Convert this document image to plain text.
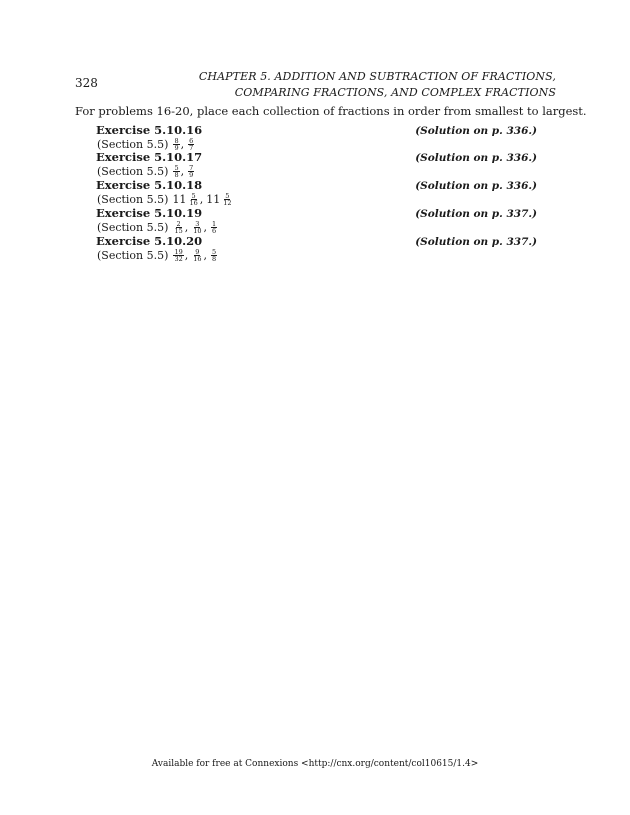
328	CHAPTER 5. ADDITION AND SUBTRACTION OF FRACTIONS,
COMPARING FRACTIONS, AND COMPLEX FRACTIONS
For problems 16-20, place each collection of fractions in order from smallest to largest.
Exercise 5.10.16	(Solution on p. 336.)
(Section $5.5) \frac{8}{9}$ , $\frac{6}{7}$
Exercise 5.10.17	(Solution on p. 336.)
(Section $5.5) \frac{5}{8}$ , $\frac{7}{9}$
Exercise 5.10.18	(Solution on p. 336.)
(Section 5.5) $11 \frac{5}{16}$ , $11 \frac{5}{12}$
Exercise 5.10.19	(Solution on p. 337.)
(Section $5.5) \frac{2}{15}$ , $\frac{3}{10}$ , $\frac{1}{6}$
Exercise 5.10.20	(Solution on p. 337.)
(Section $5.5) \frac{19}{32}$ , $\frac{9}{16}$ , $\frac{5}{8}$
Available for free at Connexions <http://cnx.org/content/col10615/1.4>
